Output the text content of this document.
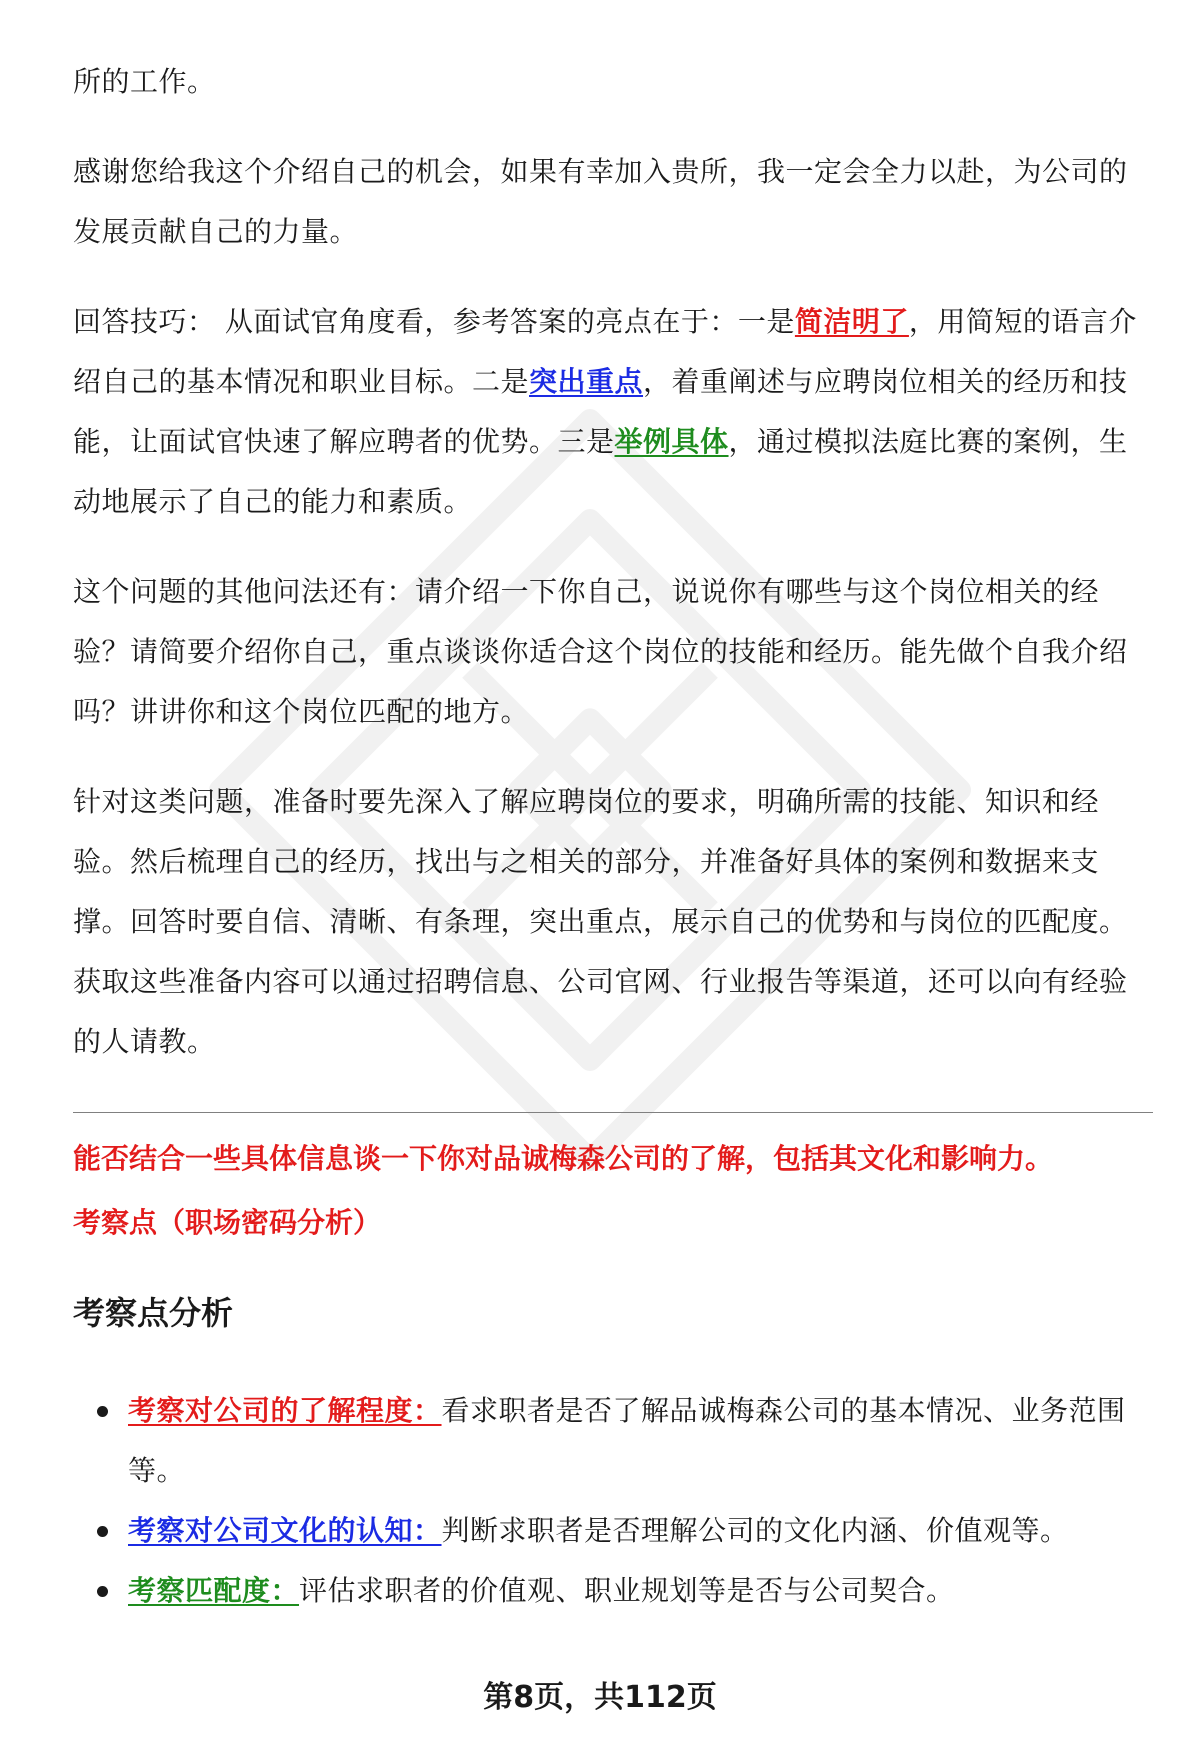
所的工作。

感谢您给我这个介绍自己的机会，如果有幸加入贵所，我一定会全力以赴，为公司的发展贡献自己的力量。

回答技巧： 从面试官角度看，参考答案的亮点在于：一是简洁明了，用简短的语言介绍自己的基本情况和职业目标。二是突出重点，着重阐述与应聘岗位相关的经历和技能，让面试官快速了解应聘者的优势。三是举例具体，通过模拟法庭比赛的案例，生动地展示了自己的能力和素质。

这个问题的其他问法还有：请介绍一下你自己，说说你有哪些与这个岗位相关的经验？请简要介绍你自己，重点谈谈你适合这个岗位的技能和经历。能先做个自我介绍吗？讲讲你和这个岗位匹配的地方。

针对这类问题，准备时要先深入了解应聘岗位的要求，明确所需的技能、知识和经验。然后梳理自己的经历，找出与之相关的部分，并准备好具体的案例和数据来支撑。回答时要自信、清晰、有条理，突出重点，展示自己的优势和与岗位的匹配度。获取这些准备内容可以通过招聘信息、公司官网、行业报告等渠道，还可以向有经验的人请教。

能否结合一些具体信息谈一下你对品诚梅森公司的了解，包括其文化和影响力。

考察点（职场密码分析）

考察点分析
考察对公司的了解程度：看求职者是否了解品诚梅森公司的基本情况、业务范围等。
考察对公司文化的认知：判断求职者是否理解公司的文化内涵、价值观等。
考察匹配度：评估求职者的价值观、职业规划等是否与公司契合。
第8页，共112页
